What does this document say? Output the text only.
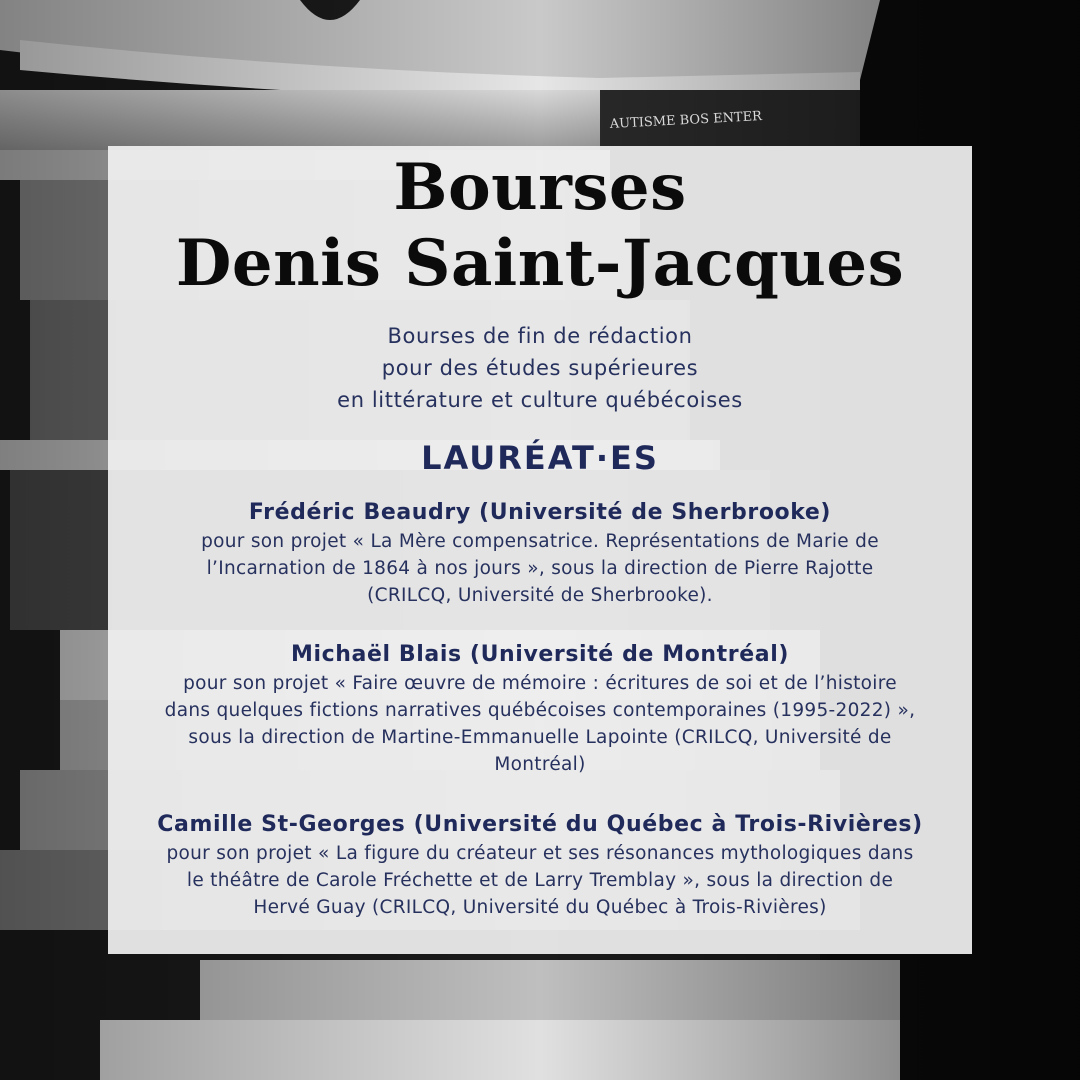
AUTISME BOS ENTER
Bourses
Denis Saint-Jacques
Bourses de fin de rédaction
pour des études supérieures
en littérature et culture québécoises
LAURÉAT·ES
Frédéric Beaudry (Université de Sherbrooke)
pour son projet « La Mère compensatrice. Représentations de Marie de
l’Incarnation de 1864 à nos jours », sous la direction de Pierre Rajotte
(CRILCQ, Université de Sherbrooke).
Michaël Blais (Université de Montréal)
pour son projet « Faire œuvre de mémoire : écritures de soi et de l’histoire
dans quelques fictions narratives québécoises contemporaines (1995-2022) »,
sous la direction de Martine-Emmanuelle Lapointe (CRILCQ, Université de
Montréal)
Camille St-Georges (Université du Québec à Trois-Rivières)
pour son projet « La figure du créateur et ses résonances mythologiques dans
le théâtre de Carole Fréchette et de Larry Tremblay », sous la direction de
Hervé Guay (CRILCQ, Université du Québec à Trois-Rivières)
